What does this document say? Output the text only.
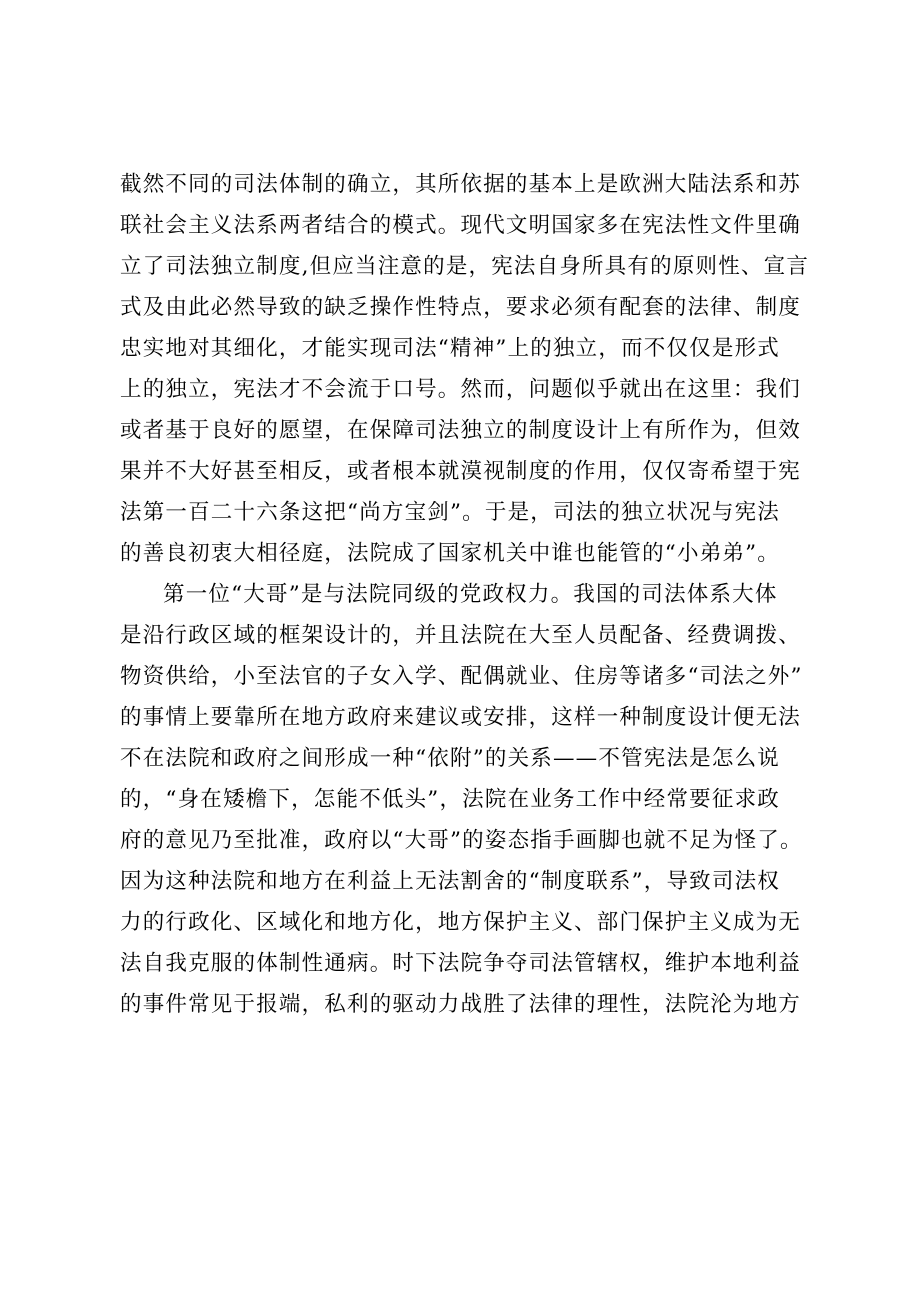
截然不同的司法体制的确立，其所依据的基本上是欧洲大陆法系和苏
联社会主义法系两者结合的模式。现代文明国家多在宪法性文件里确
立了司法独立制度,但应当注意的是，宪法自身所具有的原则性、宣言
式及由此必然导致的缺乏操作性特点，要求必须有配套的法律、制度
忠实地对其细化，才能实现司法“精神”上的独立，而不仅仅是形式
上的独立，宪法才不会流于口号。然而，问题似乎就出在这里：我们
或者基于良好的愿望，在保障司法独立的制度设计上有所作为，但效
果并不大好甚至相反，或者根本就漠视制度的作用，仅仅寄希望于宪
法第一百二十六条这把“尚方宝剑”。于是，司法的独立状况与宪法
的善良初衷大相径庭，法院成了国家机关中谁也能管的“小弟弟”。
第一位“大哥”是与法院同级的党政权力。我国的司法体系大体
是沿行政区域的框架设计的，并且法院在大至人员配备、经费调拨、
物资供给，小至法官的子女入学、配偶就业、住房等诸多“司法之外”
的事情上要靠所在地方政府来建议或安排，这样一种制度设计便无法
不在法院和政府之间形成一种“依附”的关系——不管宪法是怎么说
的，“身在矮檐下，怎能不低头”，法院在业务工作中经常要征求政
府的意见乃至批准，政府以“大哥”的姿态指手画脚也就不足为怪了。
因为这种法院和地方在利益上无法割舍的“制度联系”，导致司法权
力的行政化、区域化和地方化，地方保护主义、部门保护主义成为无
法自我克服的体制性通病。时下法院争夺司法管辖权，维护本地利益
的事件常见于报端，私利的驱动力战胜了法律的理性，法院沦为地方
